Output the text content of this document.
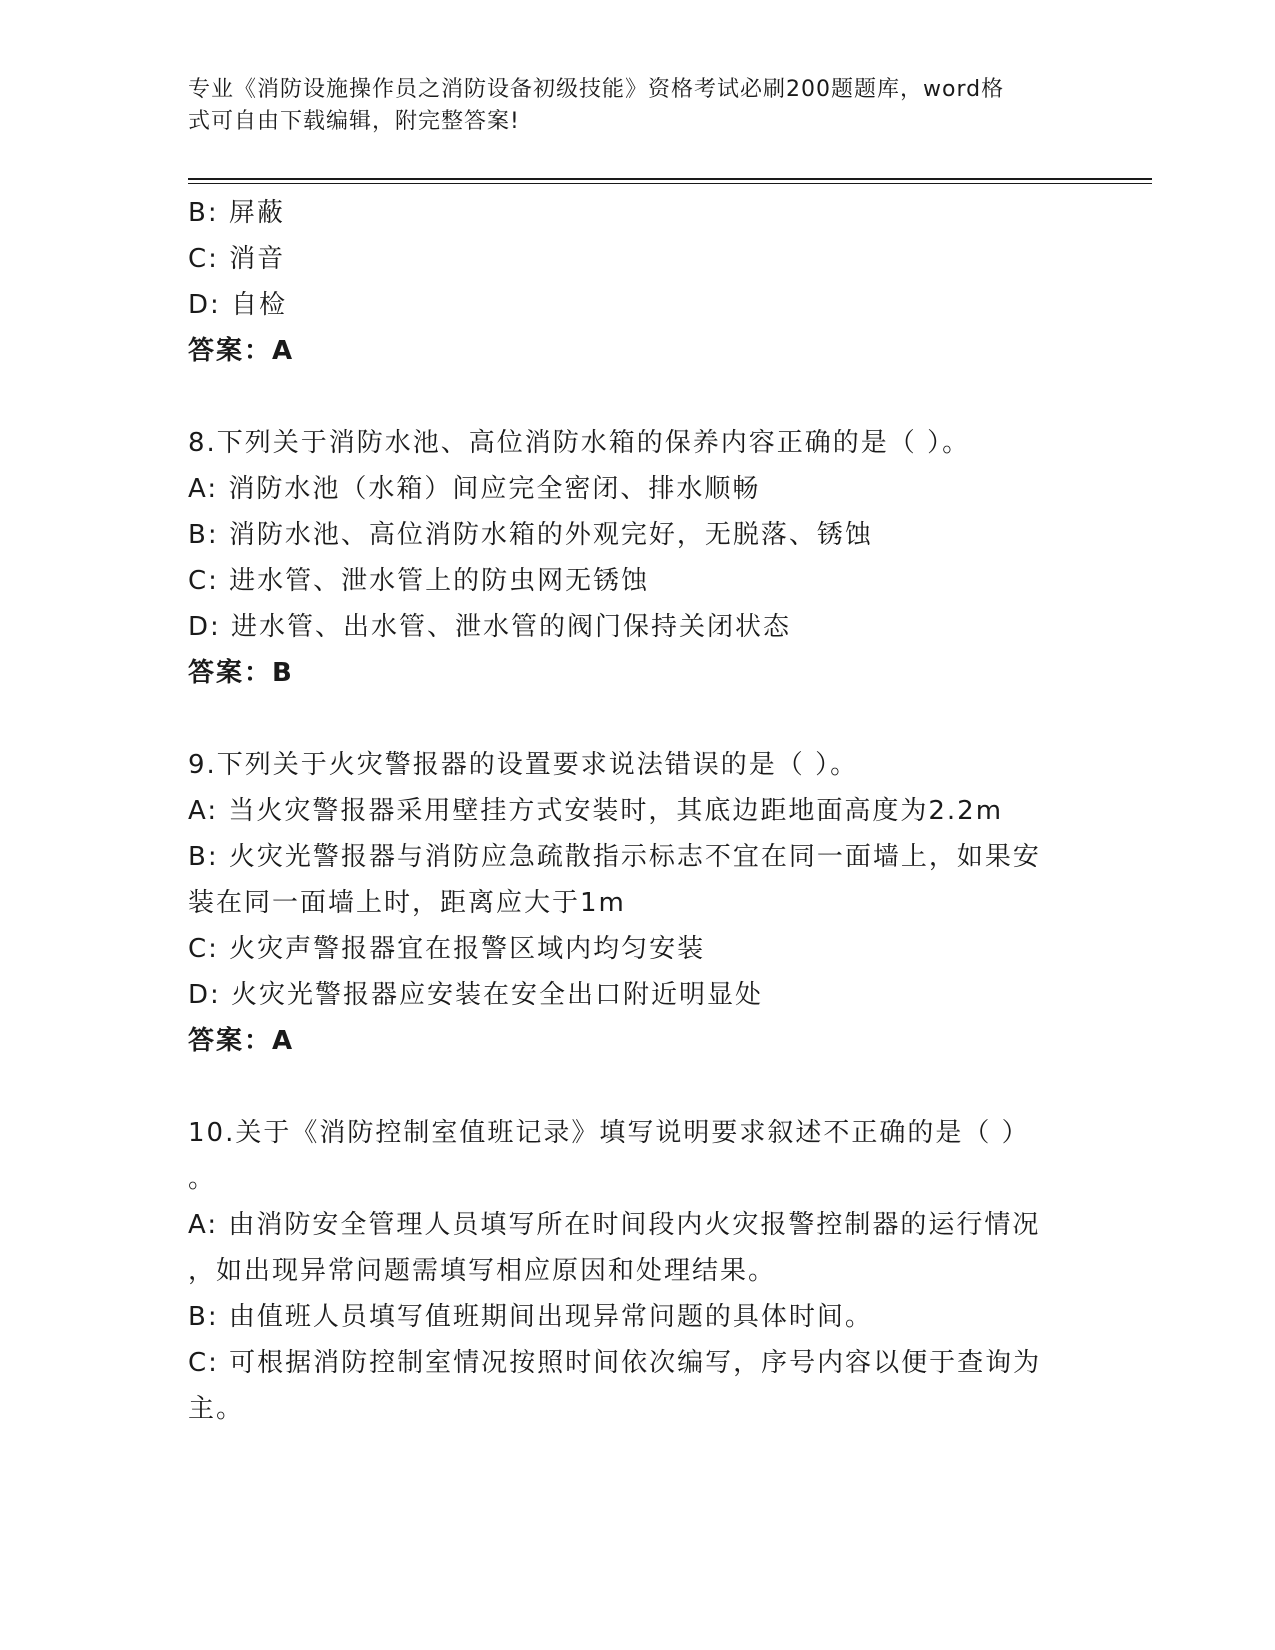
专业《消防设施操作员之消防设备初级技能》资格考试必刷200题题库，word格
式可自由下载编辑，附完整答案!
B: 屏蔽
C: 消音
D: 自检
答案：A
8.下列关于消防水池、高位消防水箱的保养内容正确的是（ ）。
A: 消防水池（水箱）间应完全密闭、排水顺畅
B: 消防水池、高位消防水箱的外观完好，无脱落、锈蚀
C: 进水管、泄水管上的防虫网无锈蚀
D: 进水管、出水管、泄水管的阀门保持关闭状态
答案：B
9.下列关于火灾警报器的设置要求说法错误的是（ ）。
A: 当火灾警报器采用壁挂方式安装时，其底边距地面高度为2.2m
B: 火灾光警报器与消防应急疏散指示标志不宜在同一面墙上，如果安
装在同一面墙上时，距离应大于1m
C: 火灾声警报器宜在报警区域内均匀安装
D: 火灾光警报器应安装在安全出口附近明显处
答案：A
10.关于《消防控制室值班记录》填写说明要求叙述不正确的是（ ）
。
A: 由消防安全管理人员填写所在时间段内火灾报警控制器的运行情况
，如出现异常问题需填写相应原因和处理结果。
B: 由值班人员填写值班期间出现异常问题的具体时间。
C: 可根据消防控制室情况按照时间依次编写，序号内容以便于查询为
主。
